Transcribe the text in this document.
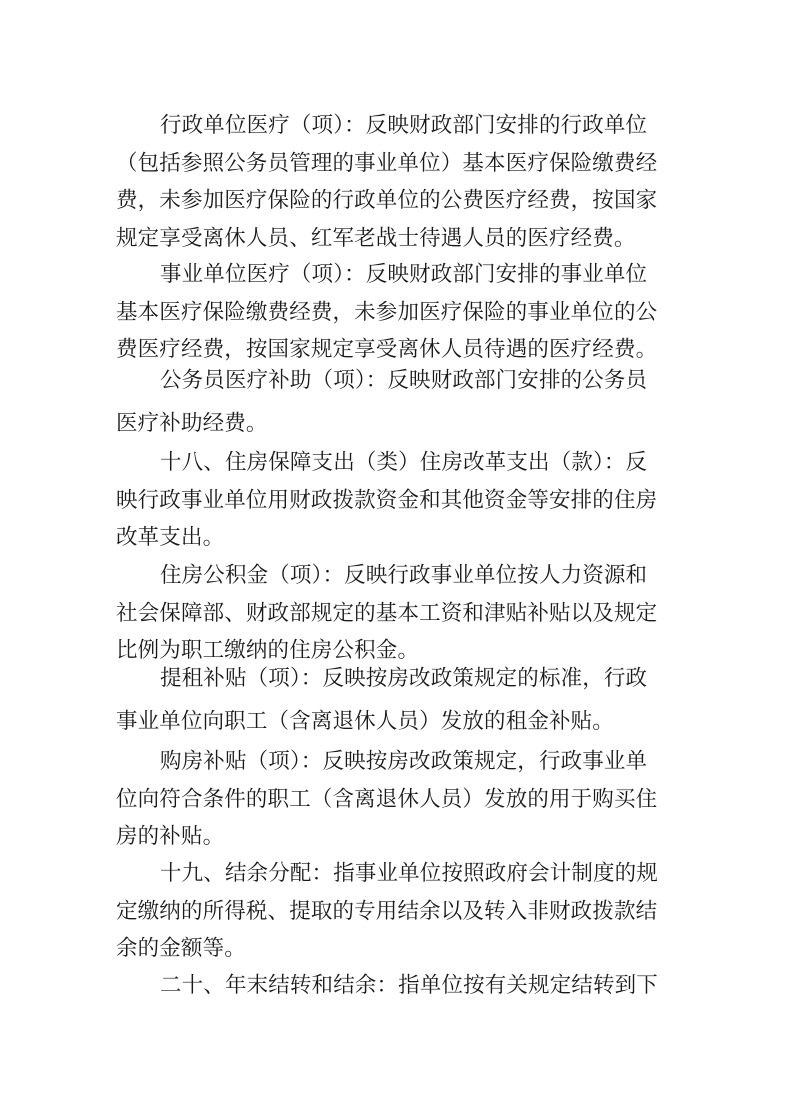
行政单位医疗（项）：反映财政部门安排的行政单位
（包括参照公务员管理的事业单位）基本医疗保险缴费经
费，未参加医疗保险的行政单位的公费医疗经费，按国家
规定享受离休人员、红军老战士待遇人员的医疗经费。
事业单位医疗（项）：反映财政部门安排的事业单位
基本医疗保险缴费经费，未参加医疗保险的事业单位的公
费医疗经费，按国家规定享受离休人员待遇的医疗经费。
公务员医疗补助（项）：反映财政部门安排的公务员
医疗补助经费。
十八、住房保障支出（类）住房改革支出（款）：反
映行政事业单位用财政拨款资金和其他资金等安排的住房
改革支出。
住房公积金（项）：反映行政事业单位按人力资源和
社会保障部、财政部规定的基本工资和津贴补贴以及规定
比例为职工缴纳的住房公积金。
提租补贴（项）：反映按房改政策规定的标准，行政
事业单位向职工（含离退休人员）发放的租金补贴。
购房补贴（项）：反映按房改政策规定，行政事业单
位向符合条件的职工（含离退休人员）发放的用于购买住
房的补贴。
十九、结余分配：指事业单位按照政府会计制度的规
定缴纳的所得税、提取的专用结余以及转入非财政拨款结
余的金额等。
二十、年末结转和结余：指单位按有关规定结转到下
